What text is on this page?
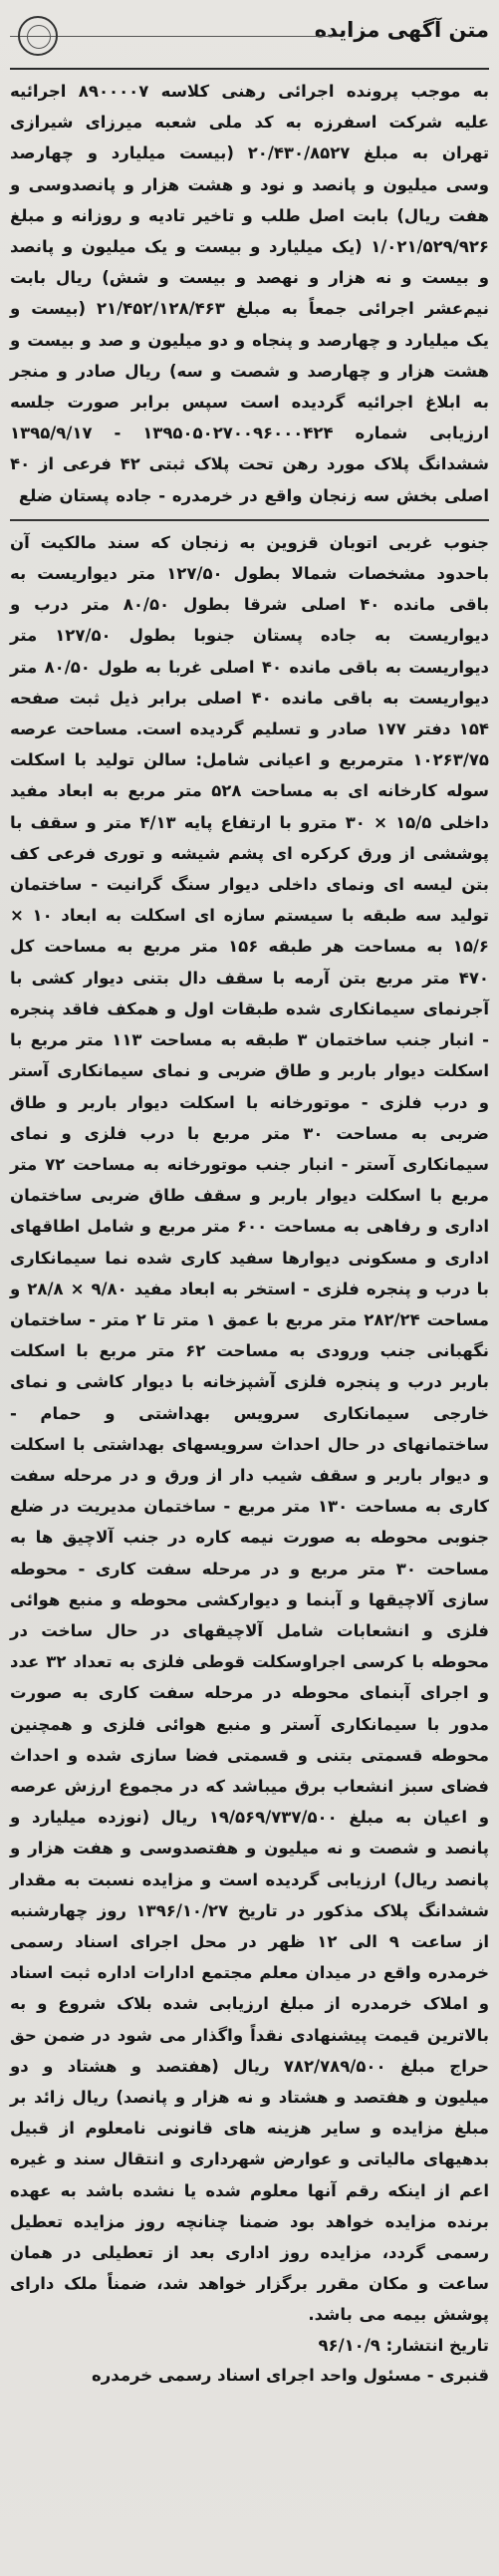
متن آگهی مزایده

به موجب پرونده اجرائی رهنی کلاسه ۸۹۰۰۰۰۷ اجرائیه علیه شرکت اسفرزه به کد ملی شعبه میرزای شیرازی تهران به مبلغ ۲۰/۴۳۰/۸۵۲۷ (بیست میلیارد و چهارصد وسی میلیون و پانصد و نود و هشت هزار و پانصدوسی و هفت ریال) بابت اصل طلب و تاخیر تادیه و روزانه و مبلغ ۱/۰۲۱/۵۲۹/۹۲۶ (یک میلیارد و بیست و یک میلیون و پانصد و بیست و نه هزار و نهصد و بیست و شش) ریال بابت نیم‌عشر اجرائی جمعاً به مبلغ ۲۱/۴۵۲/۱۲۸/۴۶۳ (بیست و یک میلیارد و چهارصد و پنجاه و دو میلیون و صد و بیست و هشت هزار و چهارصد و شصت و سه) ریال صادر و منجر به ابلاغ اجرائیه گردیده است سپس برابر صورت جلسه ارزیابی شماره ۱۳۹۵۰۵۰۲۷۰۰۹۶۰۰۰۴۲۴ - ۱۳۹۵/۹/۱۷ ششدانگ پلاک مورد رهن تحت پلاک ثبتی ۴۲ فرعی از ۴۰ اصلی بخش سه زنجان واقع در خرمدره - جاده پستان ضلع

جنوب غربی اتوبان قزوین به زنجان که سند مالکیت آن باحدود مشخصات شمالا بطول ۱۲۷/۵۰ متر دیواریست به باقی مانده ۴۰ اصلی شرقا بطول ۸۰/۵۰ متر درب و دیواریست به جاده پستان جنوبا بطول ۱۲۷/۵۰ متر دیواریست به باقی مانده ۴۰ اصلی غربا به طول ۸۰/۵۰ متر دیواریست به باقی مانده ۴۰ اصلی برابر ذیل ثبت صفحه ۱۵۴ دفتر ۱۷۷ صادر و تسلیم گردیده است. مساحت عرصه ۱۰۲۶۳/۷۵ مترمربع و اعیانی شامل: سالن تولید با اسکلت سوله کارخانه ای به مساحت ۵۲۸ متر مربع به ابعاد مفید داخلی ۱۵/۵ × ۳۰ مترو با ارتفاع پایه ۴/۱۳ متر و سقف با پوششی از ورق کرکره ای پشم شیشه و توری فرعی کف بتن لیسه ای ونمای داخلی دیوار سنگ گرانیت - ساختمان تولید سه طبقه با سیستم سازه ای اسکلت به ابعاد ۱۰ × ۱۵/۶ به مساحت هر طبقه ۱۵۶ متر مربع به مساحت کل ۴۷۰ متر مربع بتن آرمه با سقف دال بتنی دیوار کشی با آجرنمای سیمانکاری شده طبقات اول و همکف فاقد پنجره - انبار جنب ساختمان ۳ طبقه به مساحت ۱۱۳ متر مربع با اسکلت دیوار باربر و طاق ضربی و نمای سیمانکاری آستر و درب فلزی - موتورخانه با اسکلت دیوار باربر و طاق ضربی به مساحت ۳۰ متر مربع با درب فلزی و نمای سیمانکاری آستر - انبار جنب موتورخانه به مساحت ۷۲ متر مربع با اسکلت دیوار باربر و سقف طاق ضربی ساختمان اداری و رفاهی به مساحت ۶۰۰ متر مربع و شامل اطاقهای اداری و مسکونی دیوارها سفید کاری شده نما سیمانکاری با درب و پنجره فلزی - استخر به ابعاد مفید ۹/۸۰ × ۲۸/۸ و مساحت ۲۸۲/۲۴ متر مربع با عمق ۱ متر تا ۲ متر - ساختمان نگهبانی جنب ورودی به مساحت ۶۲ متر مربع با اسکلت باربر درب و پنجره فلزی آشپزخانه با دیوار کاشی و نمای خارجی سیمانکاری سرویس بهداشتی و حمام - ساختمانهای در حال احداث سرویسهای بهداشتی با اسکلت و دیوار باربر و سقف شیب دار از ورق و در مرحله سفت کاری به مساحت ۱۳۰ متر مربع - ساختمان مدیریت در ضلع جنوبی محوطه به صورت نیمه کاره در جنب آلاچیق ها به مساحت ۳۰ متر مربع و در مرحله سفت کاری - محوطه سازی آلاچیقها و آبنما و دیوارکشی محوطه و منبع هوائی فلزی و انشعابات شامل آلاچیقهای در حال ساخت در محوطه با کرسی اجراوسکلت قوطی فلزی به تعداد ۳۲ عدد و اجرای آبنمای محوطه در مرحله سفت کاری به صورت مدور با سیمانکاری آستر و منبع هوائی فلزی و همچنین محوطه قسمتی بتنی و قسمتی فضا سازی شده و احداث فضای سبز انشعاب برق میباشد که در مجموع ارزش عرصه و اعیان به مبلغ ۱۹/۵۶۹/۷۳۷/۵۰۰ ریال (نوزده میلیارد و پانصد و شصت و نه میلیون و هفتصدوسی و هفت هزار و پانصد ریال) ارزیابی گردیده است و مزایده نسبت به مقدار ششدانگ پلاک مذکور در تاریخ ۱۳۹۶/۱۰/۲۷ روز چهارشنبه از ساعت ۹ الی ۱۲ ظهر در محل اجرای اسناد رسمی خرمدره واقع در میدان معلم مجتمع ادارات اداره ثبت اسناد و املاک خرمدره از مبلغ ارزیابی شده بلاک شروع و به بالاترین قیمت پیشنهادی نقداً واگذار می شود در ضمن حق حراج مبلغ ۷۸۲/۷۸۹/۵۰۰ ریال (هفتصد و هشتاد و دو میلیون و هفتصد و هشتاد و نه هزار و پانصد) ریال زائد بر مبلغ مزایده و سایر هزینه های قانونی نامعلوم از قبیل بدهیهای مالیاتی و عوارض شهرداری و انتقال سند و غیره اعم از اینکه رقم آنها معلوم شده یا نشده باشد به عهده برنده مزایده خواهد بود ضمنا چنانچه روز مزایده تعطیل رسمی گردد، مزایده روز اداری بعد از تعطیلی در همان ساعت و مکان مقرر برگزار خواهد شد، ضمناً ملک دارای پوشش بیمه می باشد.

تاریخ انتشار: ۹۶/۱۰/۹

قنبری - مسئول واحد اجرای اسناد رسمی خرمدره
